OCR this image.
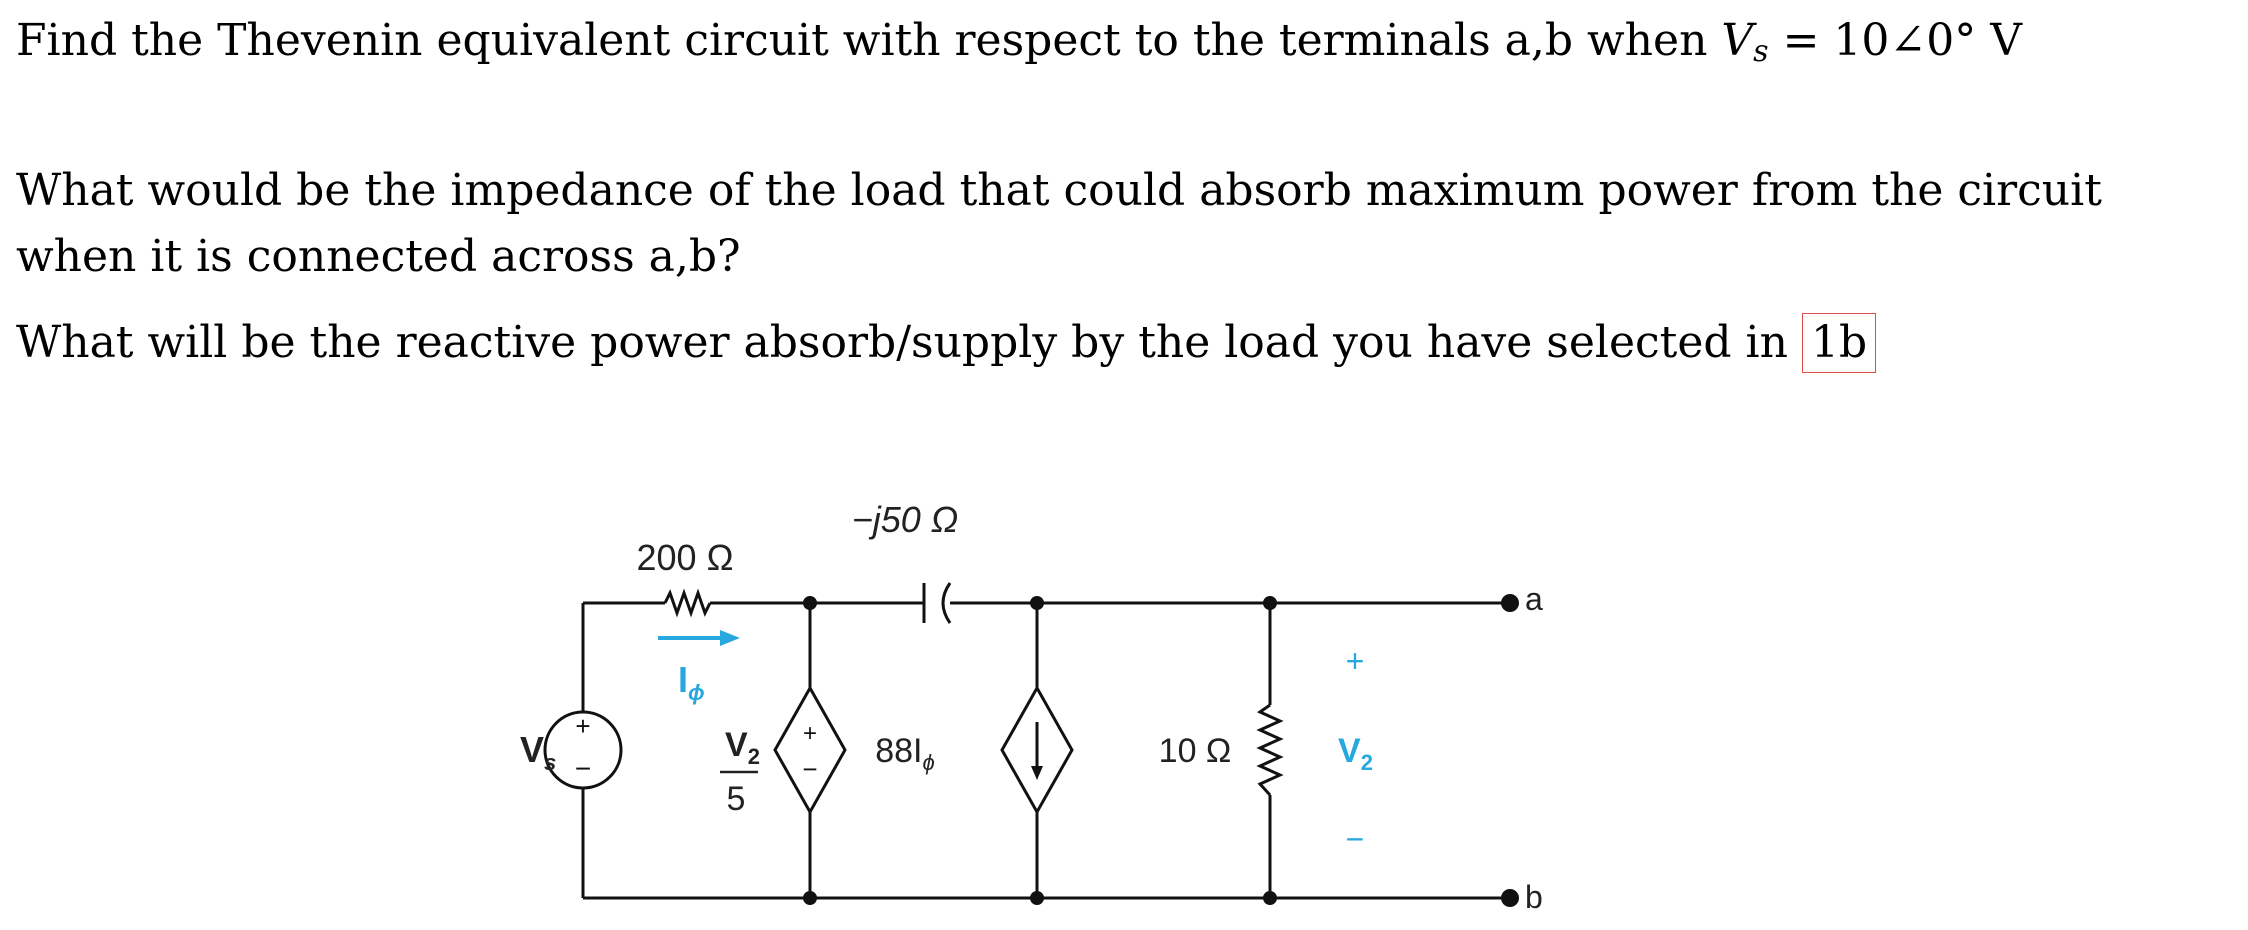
Find the Thevenin equivalent circuit with respect to the terminals a,b when $V_s$ = 10∠0° V
What would be the impedance of the load that could absorb maximum power from the circuit when it is connected across a,b?
What will be the reactive power absorb/supply by the load you have selected in 1b
+
−
+
−
200 Ω
−j50 Ω
$I_\phi$
$V_s$	$V_2$
5
$88I_\phi$	10 Ω
+
$V_2$
−
a
b
